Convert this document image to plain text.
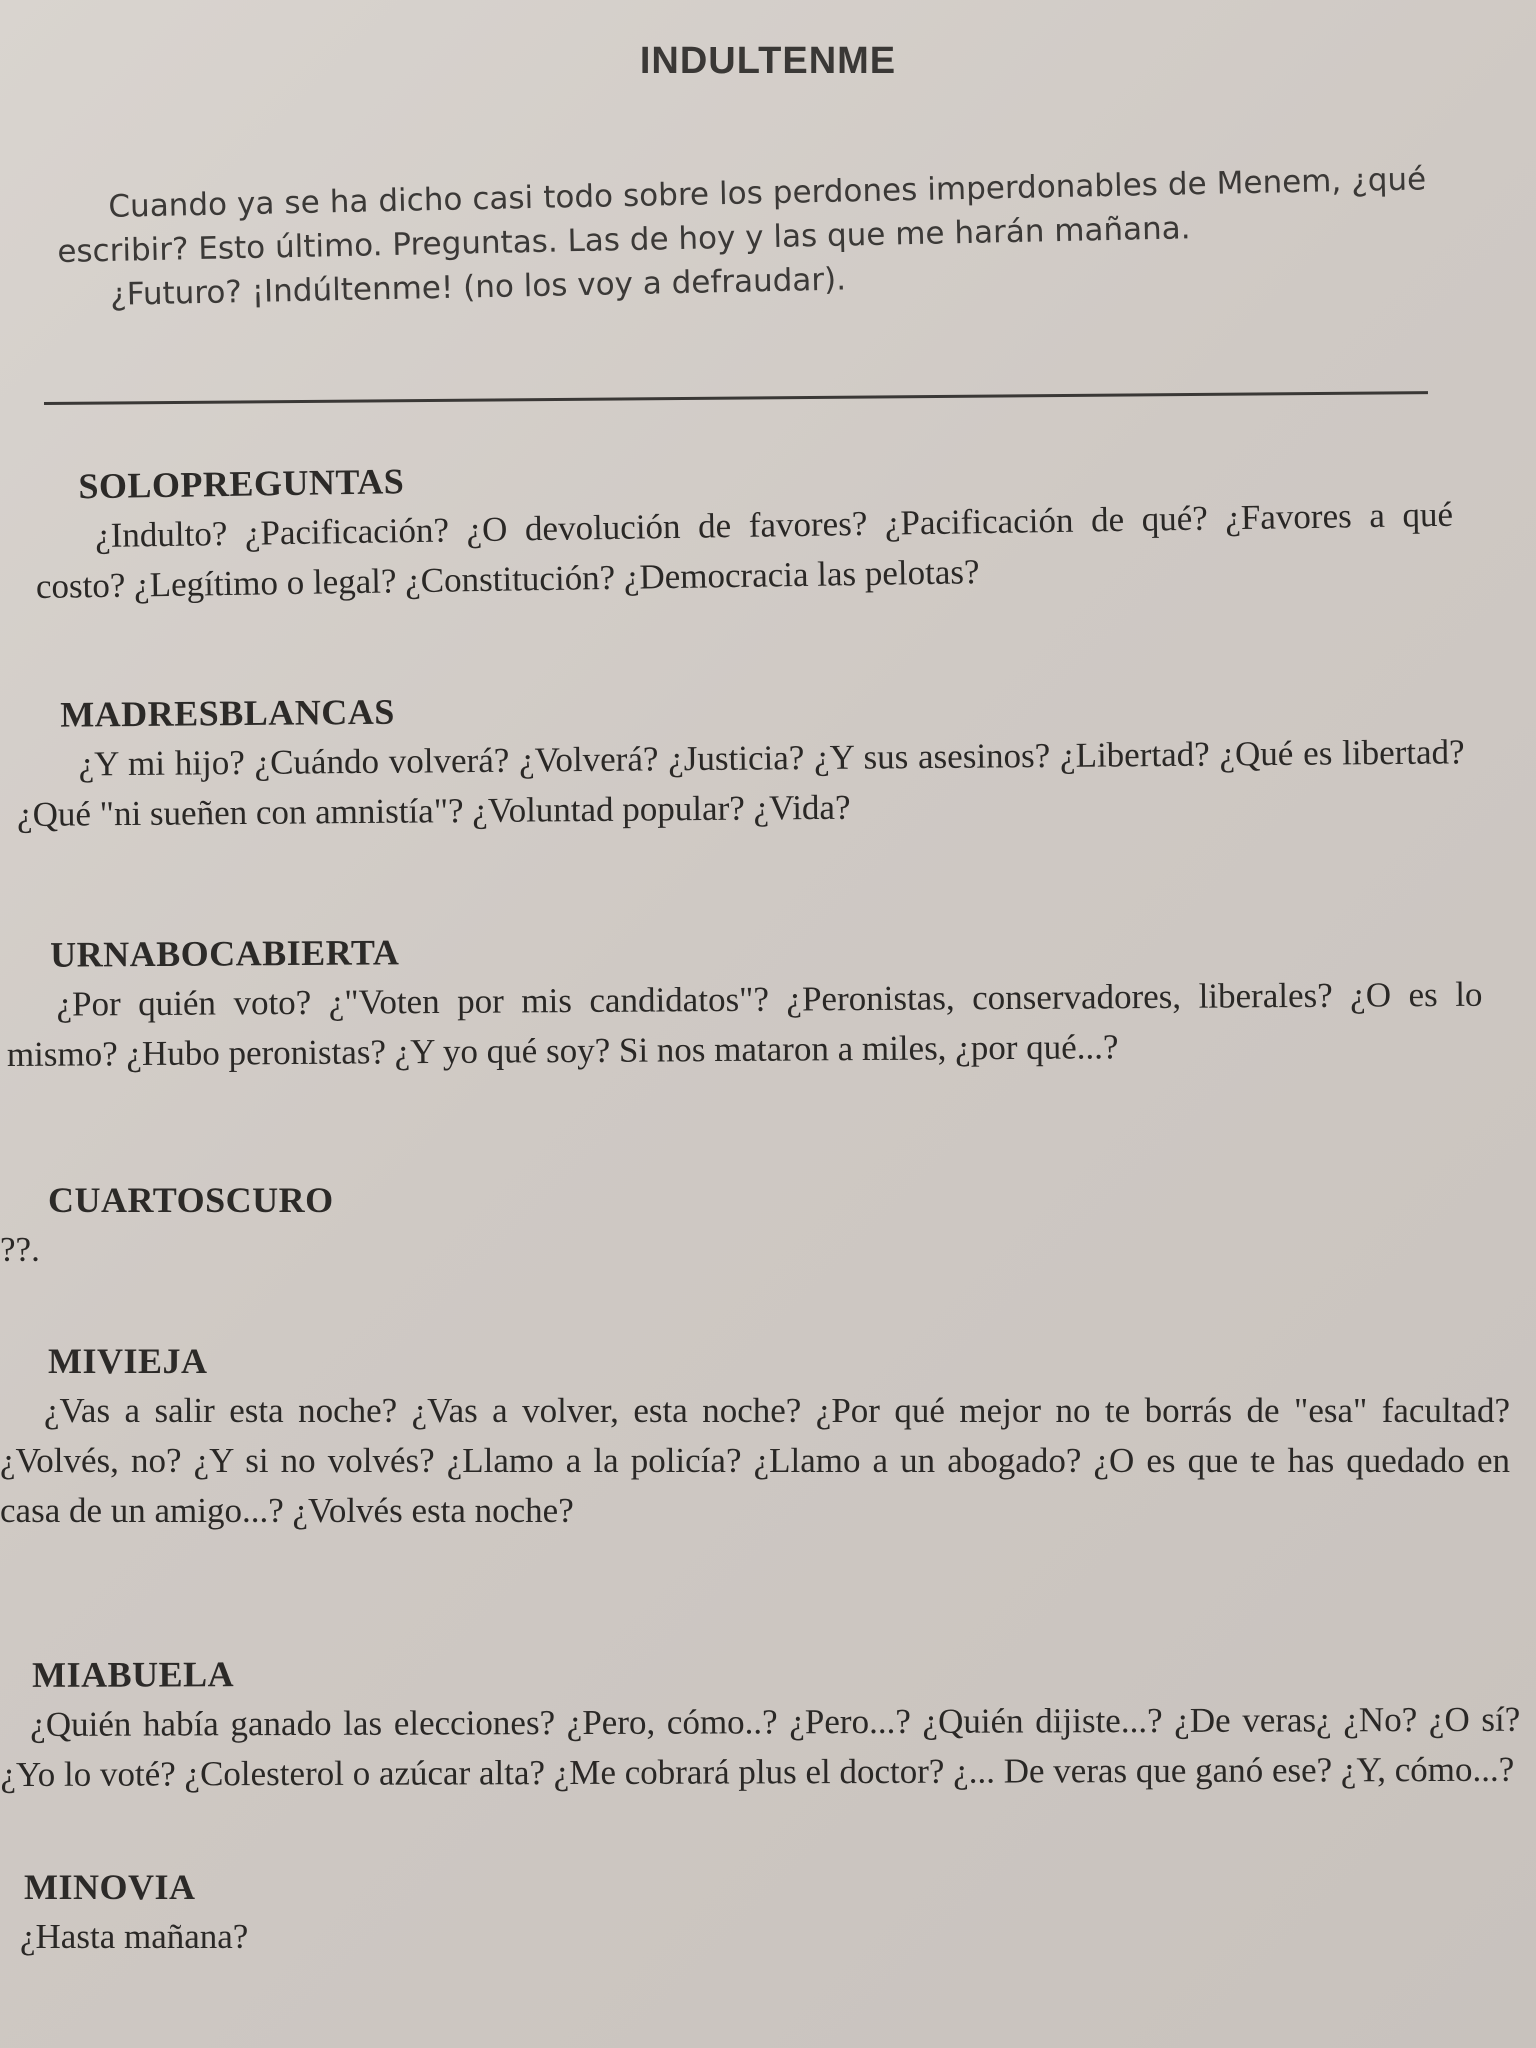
INDULTENME

Cuando ya se ha dicho casi todo sobre los perdones imperdonables de Menem, ¿qué escribir? Esto último. Preguntas. Las de hoy y las que me harán mañana.

¿Futuro? ¡Indúltenme! (no los voy a defraudar).

SOLOPREGUNTAS

¿Indulto? ¿Pacificación? ¿O devolución de favores? ¿Pacificación de qué? ¿Favores a qué costo? ¿Legítimo o legal? ¿Constitución? ¿Democracia las pelotas?

MADRESBLANCAS

¿Y mi hijo? ¿Cuándo volverá? ¿Volverá? ¿Justicia? ¿Y sus asesinos? ¿Libertad? ¿Qué es libertad? ¿Qué "ni sueñen con amnistía"? ¿Voluntad popular? ¿Vida?

URNABOCABIERTA

¿Por quién voto? ¿"Voten por mis candidatos"? ¿Peronistas, conservadores, liberales? ¿O es lo mismo? ¿Hubo peronistas? ¿Y yo qué soy? Si nos mataron a miles, ¿por qué...?

CUARTOSCURO

??.

MIVIEJA

¿Vas a salir esta noche? ¿Vas a volver, esta noche? ¿Por qué mejor no te borrás de "esa" facultad? ¿Volvés, no? ¿Y si no volvés? ¿Llamo a la policía? ¿Llamo a un abogado? ¿O es que te has quedado en casa de un amigo...? ¿Volvés esta noche?

MIABUELA

¿Quién había ganado las elecciones? ¿Pero, cómo..? ¿Pero...? ¿Quién dijiste...? ¿De veras¿ ¿No? ¿O sí? ¿Yo lo voté? ¿Colesterol o azúcar alta? ¿Me cobrará plus el doctor? ¿... De veras que ganó ese? ¿Y, cómo...?

MINOVIA

¿Hasta mañana?
